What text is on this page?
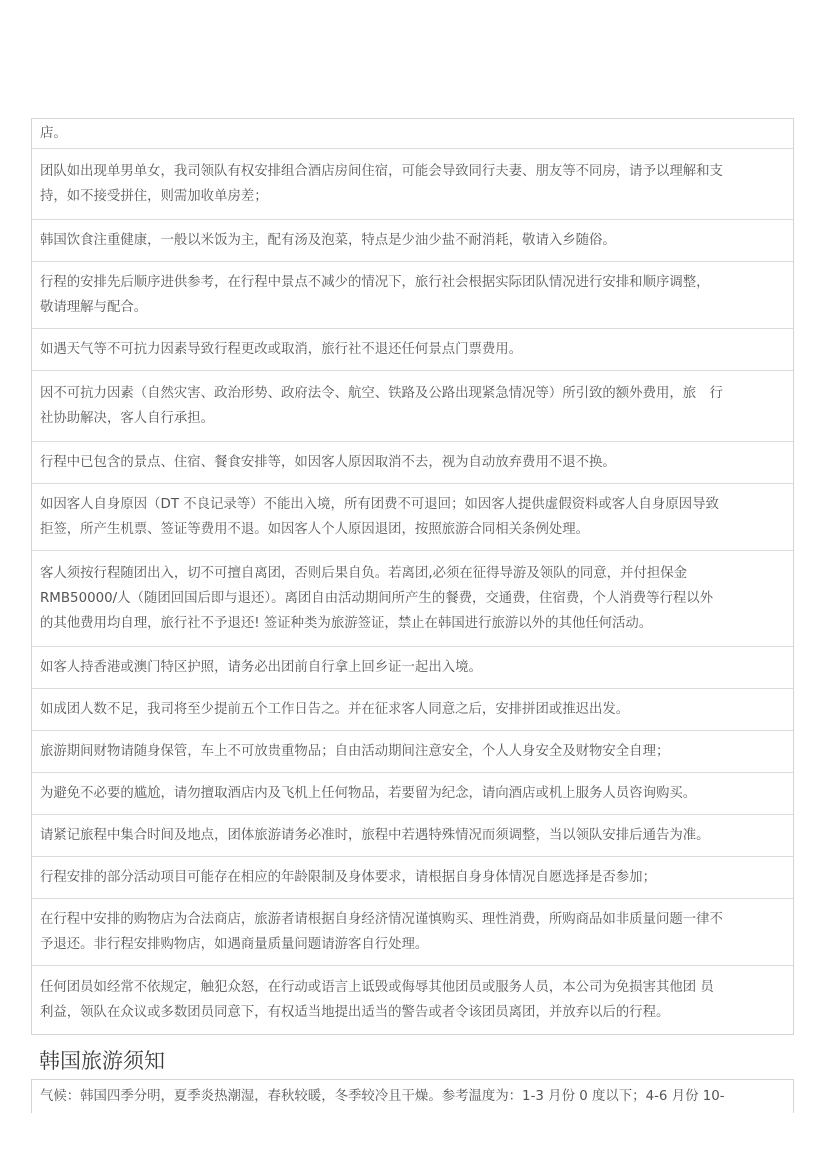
店。

团队如出现单男单女，我司领队有权安排组合酒店房间住宿，可能会导致同行夫妻、朋友等不同房，请予以理解和支

持，如不接受拼住，则需加收单房差；

韩国饮食注重健康，一般以米饭为主，配有汤及泡菜，特点是少油少盐不耐消耗，敬请入乡随俗。

行程的安排先后顺序进供参考，在行程中景点不减少的情况下，旅行社会根据实际团队情况进行安排和顺序调整，

敬请理解与配合。

如遇天气等不可抗力因素导致行程更改或取消，旅行社不退还任何景点门票费用。

因不可抗力因素（自然灾害、政治形势、政府法令、航空、铁路及公路出现紧急情况等）所引致的额外费用，旅　行

社协助解决，客人自行承担。

行程中已包含的景点、住宿、餐食安排等，如因客人原因取消不去，视为自动放弃费用不退不换。

如因客人自身原因（DT 不良记录等）不能出入境，所有团费不可退回；如因客人提供虚假资料或客人自身原因导致

拒签，所产生机票、签证等费用不退。如因客人个人原因退团，按照旅游合同相关条例处理。

客人须按行程随团出入，切不可擅自离团，否则后果自负。若离团,必须在征得导游及领队的同意，并付担保金

RMB50000/人（随团回国后即与退还）。离团自由活动期间所产生的餐费，交通费，住宿费，个人消费等行程以外

的其他费用均自理，旅行社不予退还! 签证种类为旅游签证，禁止在韩国进行旅游以外的其他任何活动。

如客人持香港或澳门特区护照，请务必出团前自行拿上回乡证一起出入境。

如成团人数不足，我司将至少提前五个工作日告之。并在征求客人同意之后，安排拼团或推迟出发。

旅游期间财物请随身保管，车上不可放贵重物品；自由活动期间注意安全，个人人身安全及财物安全自理；

为避免不必要的尴尬，请勿擅取酒店内及飞机上任何物品，若要留为纪念，请向酒店或机上服务人员咨询购买。

请紧记旅程中集合时间及地点，团体旅游请务必准时，旅程中若遇特殊情况而须调整，当以领队安排后通告为准。

行程安排的部分活动项目可能存在相应的年龄限制及身体要求，请根据自身身体情况自愿选择是否参加；

在行程中安排的购物店为合法商店，旅游者请根据自身经济情况谨慎购买、理性消费，所购商品如非质量问题一律不

予退还。非行程安排购物店，如遇商量质量问题请游客自行处理。

任何团员如经常不依规定，触犯众怒，在行动或语言上诋毁或侮辱其他团员或服务人员，本公司为免损害其他团 员

利益，领队在众议或多数团员同意下，有权适当地提出适当的警告或者令该团员离团，并放弃以后的行程。

韩国旅游须知

气候：韩国四季分明，夏季炎热潮湿，春秋较暖，冬季较冷且干燥。参考温度为：1-3 月份 0 度以下；4-6 月份 10-
